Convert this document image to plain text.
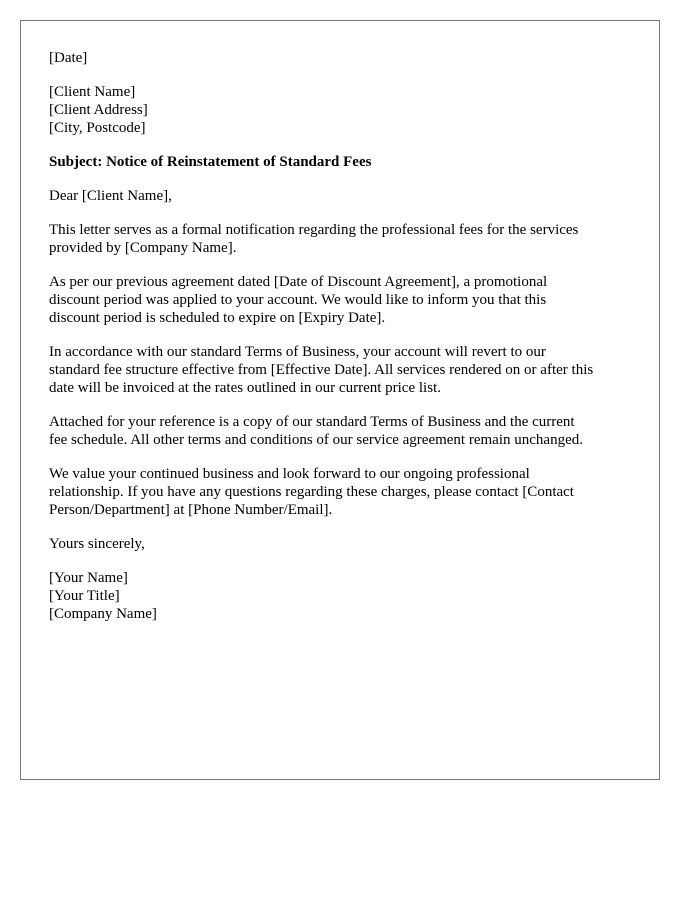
[Date]
[Client Name]
[Client Address]
[City, Postcode]
Subject: Notice of Reinstatement of Standard Fees
Dear [Client Name],

This letter serves as a formal notification regarding the professional fees for the services
provided by [Company Name].

As per our previous agreement dated [Date of Discount Agreement], a promotional
discount period was applied to your account. We would like to inform you that this
discount period is scheduled to expire on [Expiry Date].

In accordance with our standard Terms of Business, your account will revert to our
standard fee structure effective from [Effective Date]. All services rendered on or after this
date will be invoiced at the rates outlined in our current price list.

Attached for your reference is a copy of our standard Terms of Business and the current
fee schedule. All other terms and conditions of our service agreement remain unchanged.

We value your continued business and look forward to our ongoing professional
relationship. If you have any questions regarding these charges, please contact [Contact
Person/Department] at [Phone Number/Email].

Yours sincerely,
[Your Name]
[Your Title]
[Company Name]
